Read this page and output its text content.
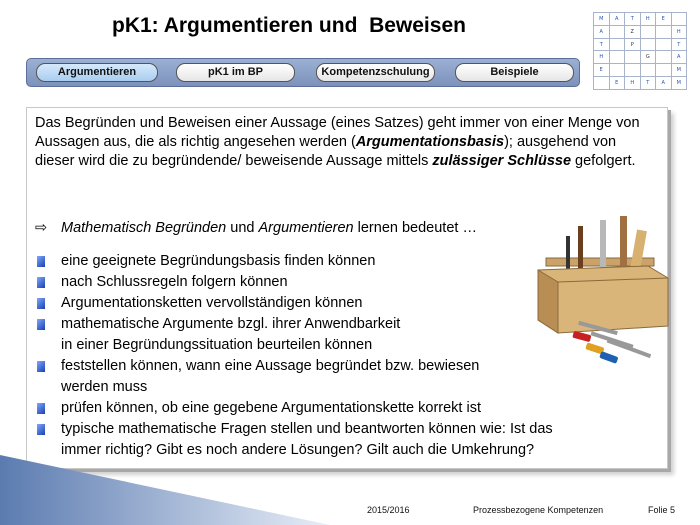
pK1: Argumentieren und  Beweisen	M	A	T	H	E	
A		Z			H
T		P			T
H			G		A
E					M
	E	H	T	A	M
Argumentieren	pK1 im BP	Kompetenzschulung	Beispiele
Das Begründen und Beweisen einer Aussage (eines Satzes) geht immer von einer Menge von Aussagen aus, die als richtig angesehen werden (Argumentationsbasis); ausgehend von dieser wird die zu begründende/ beweisende Aussage mittels zulässiger Schlüsse gefolgert.
⇨ Mathematisch Begründen und Argumentieren lernen bedeutet …
eine geeignete Begründungsbasis finden können
nach Schlussregeln folgern können
Argumentationsketten vervollständigen können
mathematische Argumente bzgl. ihrer Anwendbarkeit
in einer Begründungssituation beurteilen können
feststellen können, wann eine Aussage begründet bzw. bewiesen
werden muss
prüfen können, ob eine gegebene Argumentationskette korrekt ist
typische mathematische Fragen stellen und beantworten können wie: Ist das
immer richtig? Gibt es noch andere Lösungen? Gilt auch die Umkehrung?
2015/2016	Prozessbezogene Kompetenzen	Folie 5
